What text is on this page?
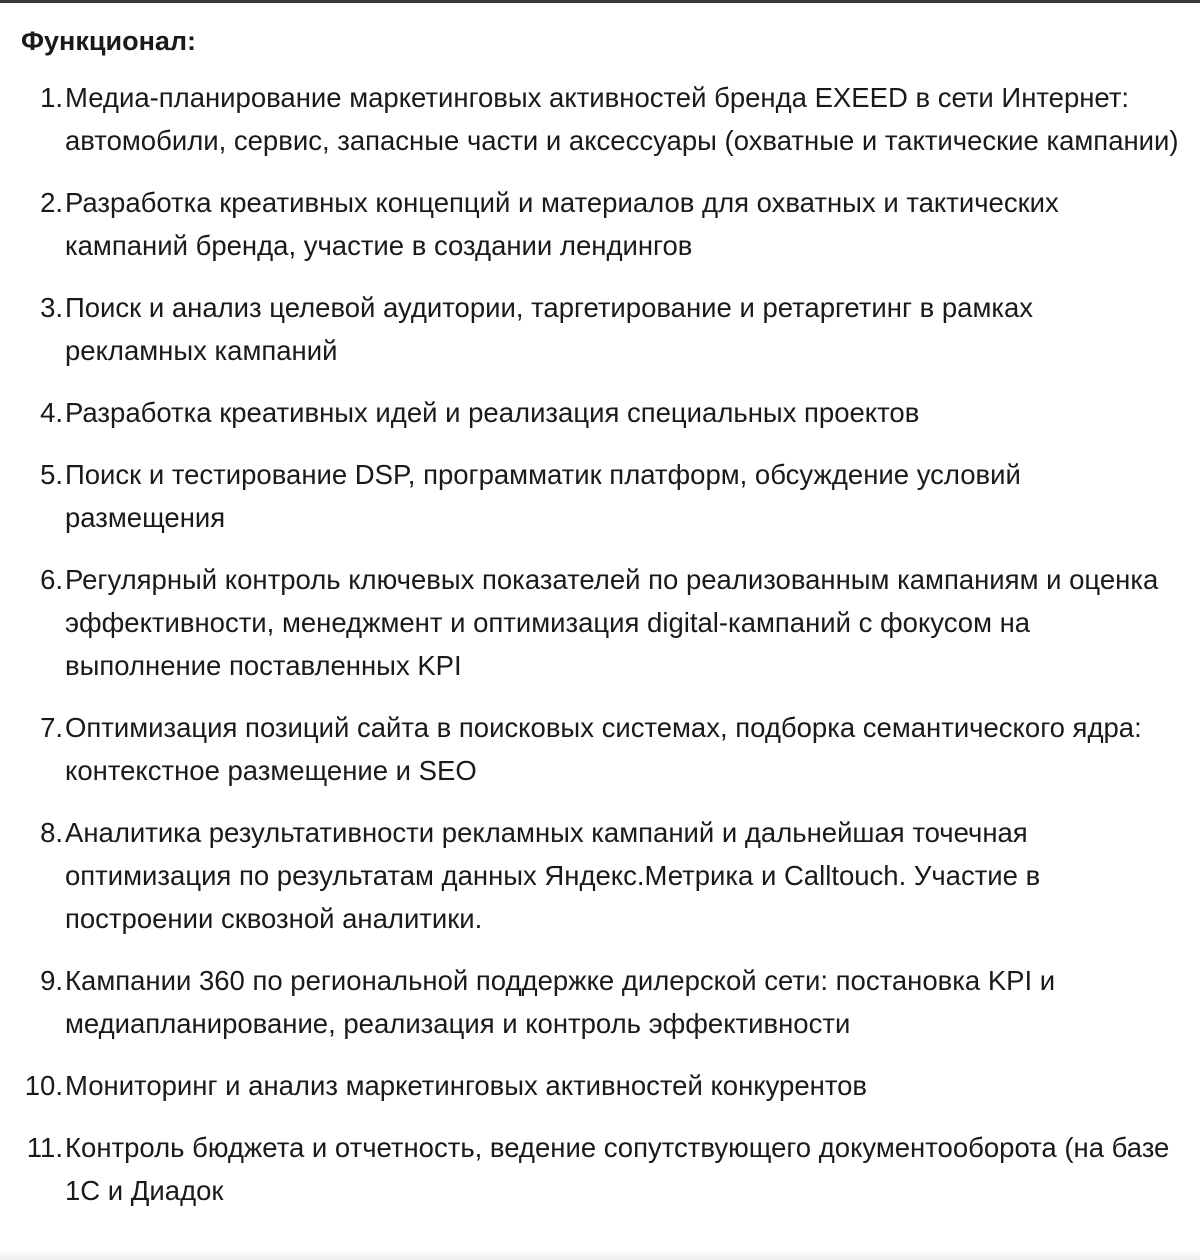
Функционал:
1. Медиа-планирование маркетинговых активностей бренда EXEED в сети Интернет: автомобили, сервис, запасные части и аксессуары (охватные и тактические кампании)
2. Разработка креативных концепций и материалов для охватных и тактических кампаний бренда, участие в создании лендингов
3. Поиск и анализ целевой аудитории, таргетирование и ретаргетинг в рамках рекламных кампаний
4. Разработка креативных идей и реализация специальных проектов
5. Поиск и тестирование DSP, программатик платформ, обсуждение условий размещения
6. Регулярный контроль ключевых показателей по реализованным кампаниям и оценка эффективности, менеджмент и оптимизация digital-кампаний с фокусом на выполнение поставленных KPI
7. Оптимизация позиций сайта в поисковых системах, подборка семантического ядра: контекстное размещение и SEO
8. Аналитика результативности рекламных кампаний и дальнейшая точечная оптимизация по результатам данных Яндекс.Метрика и Calltouch. Участие в построении сквозной аналитики.
9. Кампании 360 по региональной поддержке дилерской сети: постановка KPI и медиапланирование, реализация и контроль эффективности
10. Мониторинг и анализ маркетинговых активностей конкурентов
11. Контроль бюджета и отчетность, ведение сопутствующего документооборота (на базе 1С и Диадок
